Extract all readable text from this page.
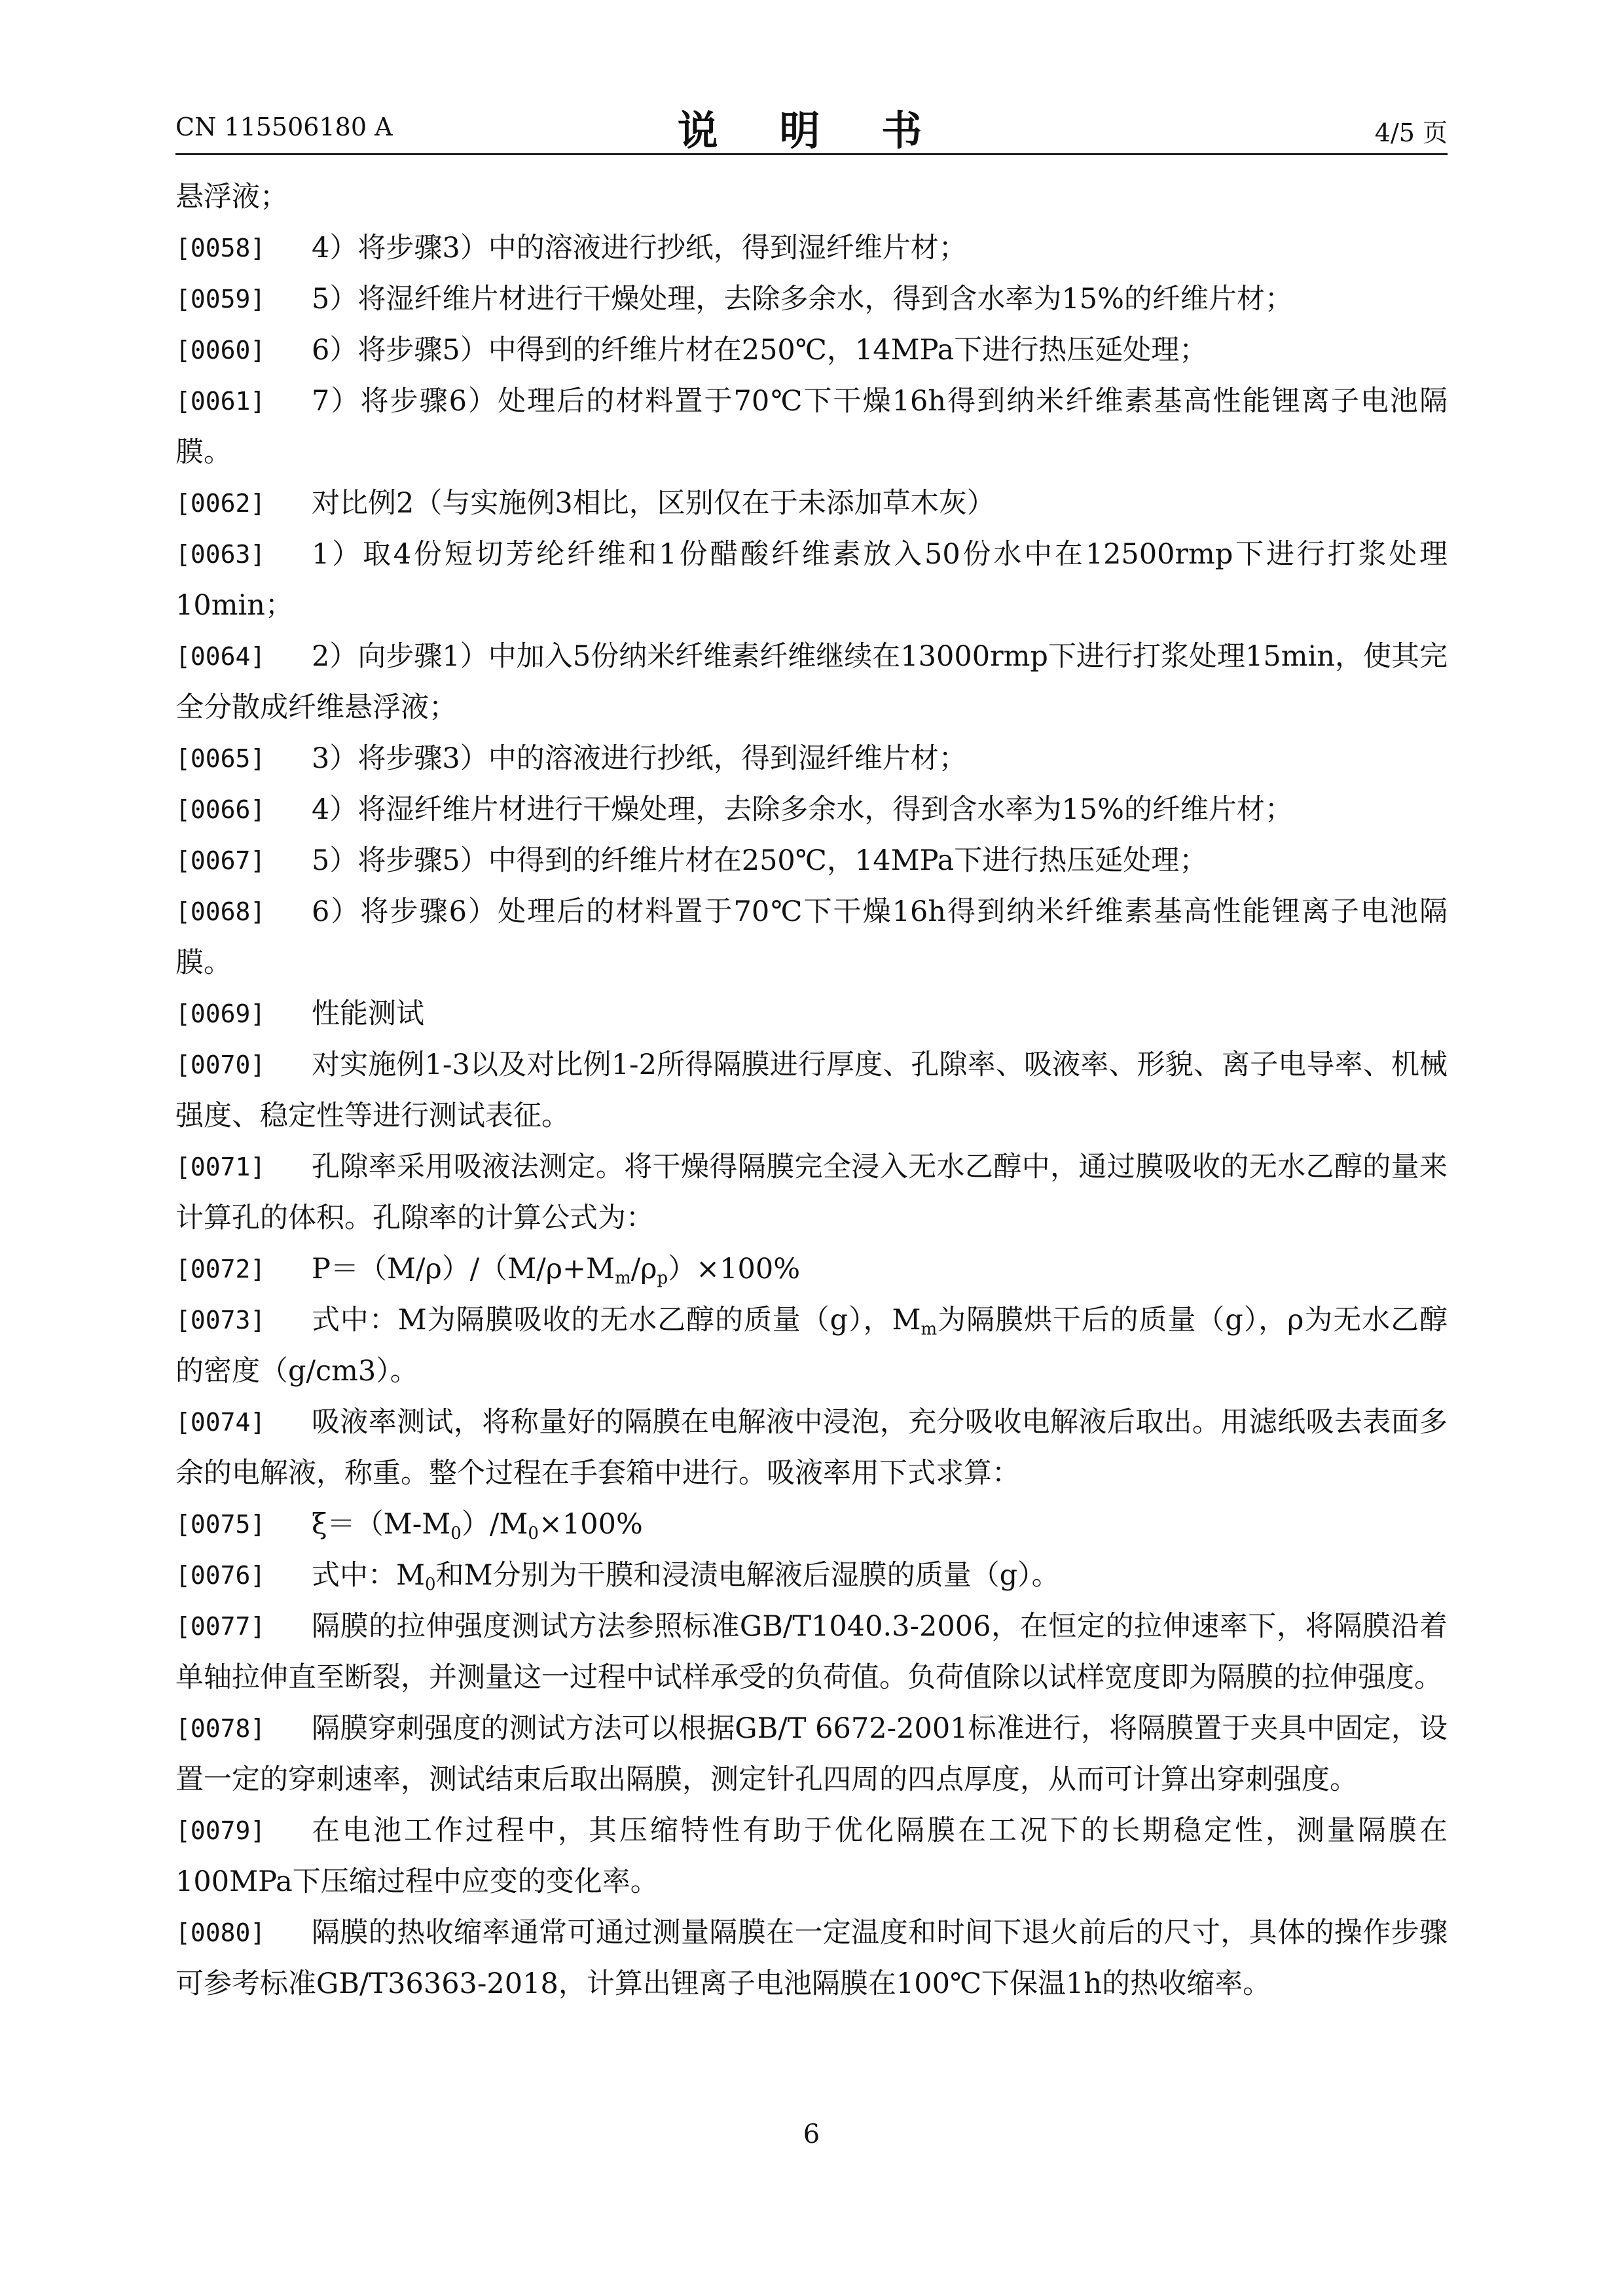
CN 115506180 A	说 明 书	4/5 页
悬浮液；
[0058] 4）将步骤3）中的溶液进行抄纸，得到湿纤维片材；
[0059] 5）将湿纤维片材进行干燥处理，去除多余水，得到含水率为15%的纤维片材；
[0060] 6）将步骤5）中得到的纤维片材在250℃，14MPa下进行热压延处理；
[0061] 7）将步骤6）处理后的材料置于70℃下干燥16h得到纳米纤维素基高性能锂离子电池隔膜。
[0062] 对比例2（与实施例3相比，区别仅在于未添加草木灰）
[0063] 1）取4份短切芳纶纤维和1份醋酸纤维素放入50份水中在12500rmp下进行打浆处理10min；
[0064] 2）向步骤1）中加入5份纳米纤维素纤维继续在13000rmp下进行打浆处理15min，使其完全分散成纤维悬浮液；
[0065] 3）将步骤3）中的溶液进行抄纸，得到湿纤维片材；
[0066] 4）将湿纤维片材进行干燥处理，去除多余水，得到含水率为15%的纤维片材；
[0067] 5）将步骤5）中得到的纤维片材在250℃，14MPa下进行热压延处理；
[0068] 6）将步骤6）处理后的材料置于70℃下干燥16h得到纳米纤维素基高性能锂离子电池隔膜。
[0069] 性能测试
[0070] 对实施例1-3以及对比例1-2所得隔膜进行厚度、孔隙率、吸液率、形貌、离子电导率、机械强度、稳定性等进行测试表征。
[0071] 孔隙率采用吸液法测定。将干燥得隔膜完全浸入无水乙醇中，通过膜吸收的无水乙醇的量来计算孔的体积。孔隙率的计算公式为：
[0072] $P=(M/\rho)/(M/\rho+M_m/\rho_p)\times 100\%$
[0073] 式中：M为隔膜吸收的无水乙醇的质量（g），$M_m$为隔膜烘干后的质量（g），ρ为无水乙醇的密度（g/cm3）。
[0074] 吸液率测试，将称量好的隔膜在电解液中浸泡，充分吸收电解液后取出。用滤纸吸去表面多余的电解液，称重。整个过程在手套箱中进行。吸液率用下式求算：
[0075] $\xi=(M-M_0)/M_0\times 100\%$
[0076] 式中：$M_0$和M分别为干膜和浸渍电解液后湿膜的质量（g）。
[0077] 隔膜的拉伸强度测试方法参照标准GB/T1040.3-2006，在恒定的拉伸速率下，将隔膜沿着单轴拉伸直至断裂，并测量这一过程中试样承受的负荷值。负荷值除以试样宽度即为隔膜的拉伸强度。
[0078] 隔膜穿刺强度的测试方法可以根据GB/T 6672-2001标准进行，将隔膜置于夹具中固定，设置一定的穿刺速率，测试结束后取出隔膜，测定针孔四周的四点厚度，从而可计算出穿刺强度。
[0079] 在电池工作过程中，其压缩特性有助于优化隔膜在工况下的长期稳定性，测量隔膜在100MPa下压缩过程中应变的变化率。
[0080] 隔膜的热收缩率通常可通过测量隔膜在一定温度和时间下退火前后的尺寸，具体的操作步骤可参考标准GB/T36363-2018，计算出锂离子电池隔膜在100℃下保温1h的热收缩率。
6
